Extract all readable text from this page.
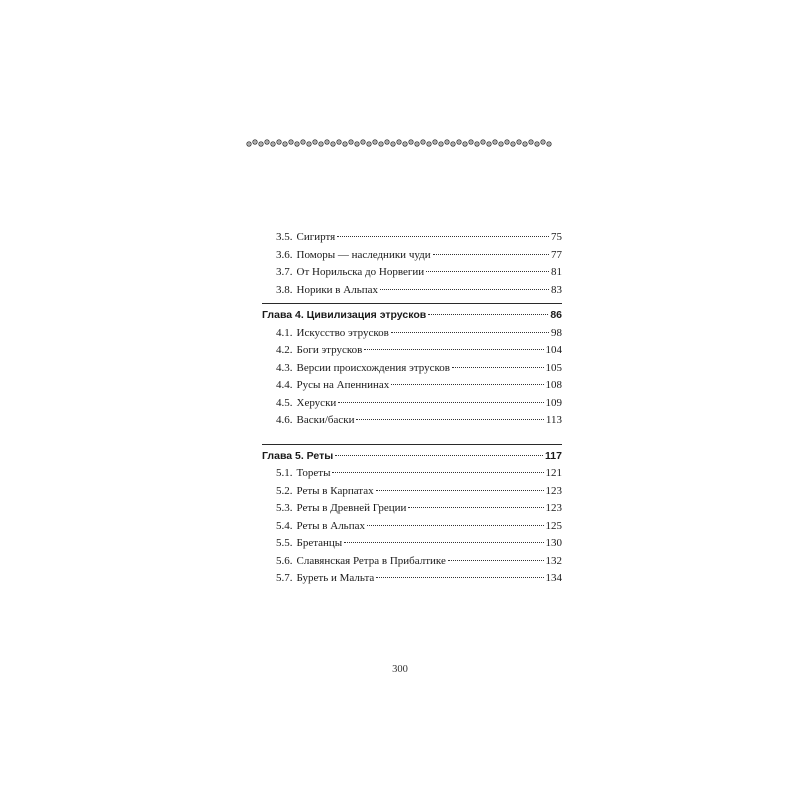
3.5. Сигиртя	75
3.6. Поморы — наследники чуди	77
3.7. От Норильска до Норвегии	81
3.8. Норики в Альпах	83
Глава 4. Цивилизация этрусков	86
4.1. Искусство этрусков	98
4.2. Боги этрусков	104
4.3. Версии происхождения этрусков	105
4.4. Русы на Апеннинах	108
4.5. Херуски	109
4.6. Васки/баски	113
Глава 5. Реты	117
5.1. Тореты	121
5.2. Реты в Карпатах	123
5.3. Реты в Древней Греции	123
5.4. Реты в Альпах	125
5.5. Бретанцы	130
5.6. Славянская Ретра в Прибалтике	132
5.7. Буреть и Мальта	134
300
